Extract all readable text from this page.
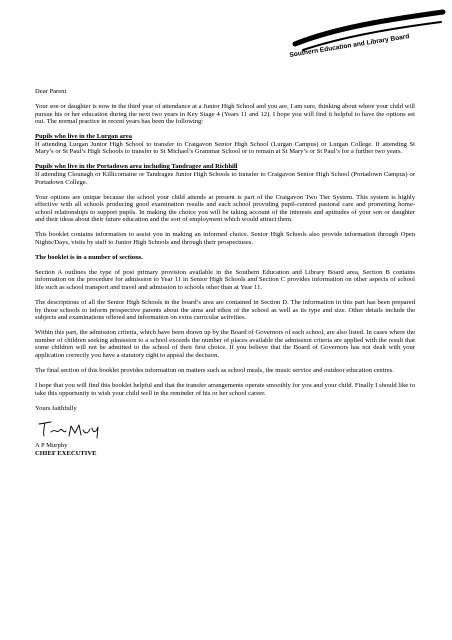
Southern Education and Library Board

Dear Parent

Your son or daughter is now in the third year of attendance at a Junior High School and you are, I am sure, thinking about where your child will pursue his or her education during the next two years in Key Stage 4 (Years 11 and 12). I hope you will find it helpful to have the options set out. The normal practice in recent years has been the following:

Pupils who live in the Lurgan area
If attending Lurgan Junior High School to transfer to Craigavon Senior High School (Lurgan Campus) or Lurgan College. If attending St Mary’s or St Paul’s High Schools to transfer to St Michael’s Grammar School or to remain at St Mary’s or St Paul’s for a further two years.

Pupils who live in the Portadown area including Tandragee and Richhill
If attending Clounagh or Killicomaine or Tandragee Junior High Schools to transfer to Craigavon Senior High School (Portadown Campus) or Portadown College.

Your options are unique because the school your child attends at present is part of the Craigavon Two Tier System. This system is highly effective with all schools producing good examination results and each school providing pupil-centred pastoral care and promoting home-school relationships to support pupils. In making the choice you will be taking account of the interests and aptitudes of your son or daughter and their ideas about their future education and the sort of employment which would attract them.

This booklet contains information to assist you in making an informed choice. Senior High Schools also provide information through Open Nights/Days, visits by staff to Junior High Schools and through their prospectuses.

The booklet is in a number of sections.

Section A outlines the type of post primary provision available in the Southern Education and Library Board area, Section B contains information on the procedure for admission to Year 11 in Senior High Schools and Section C provides information on other aspects of school life such as school transport and travel and admission to schools other than at Year 11.

The descriptions of all the Senior High Schools in the board’s area are contained in Section D. The information in this part has been prepared by those schools to inform prospective parents about the aims and ethos of the school as well as its type and size. Other details include the subjects and examinations offered and information on extra curricular activities.

Within this part, the admission criteria, which have been drawn up by the Board of Governors of each school, are also listed. In cases where the number of children seeking admission to a school exceeds the number of places available the admission criteria are applied with the result that some children will not be admitted to the school of their first choice. If you believe that the Board of Governors has not dealt with your application correctly you have a statutory right to appeal the decision.

The final section of this booklet provides information on matters such as school meals, the music service and outdoor education centres.

I hope that you will find this booklet helpful and that the transfer arrangements operate smoothly for you and your child. Finally I should like to take this opportunity to wish your child well in the reminder of his or her school career.

Yours faithfully

A P Murphy

CHIEF EXECUTIVE
